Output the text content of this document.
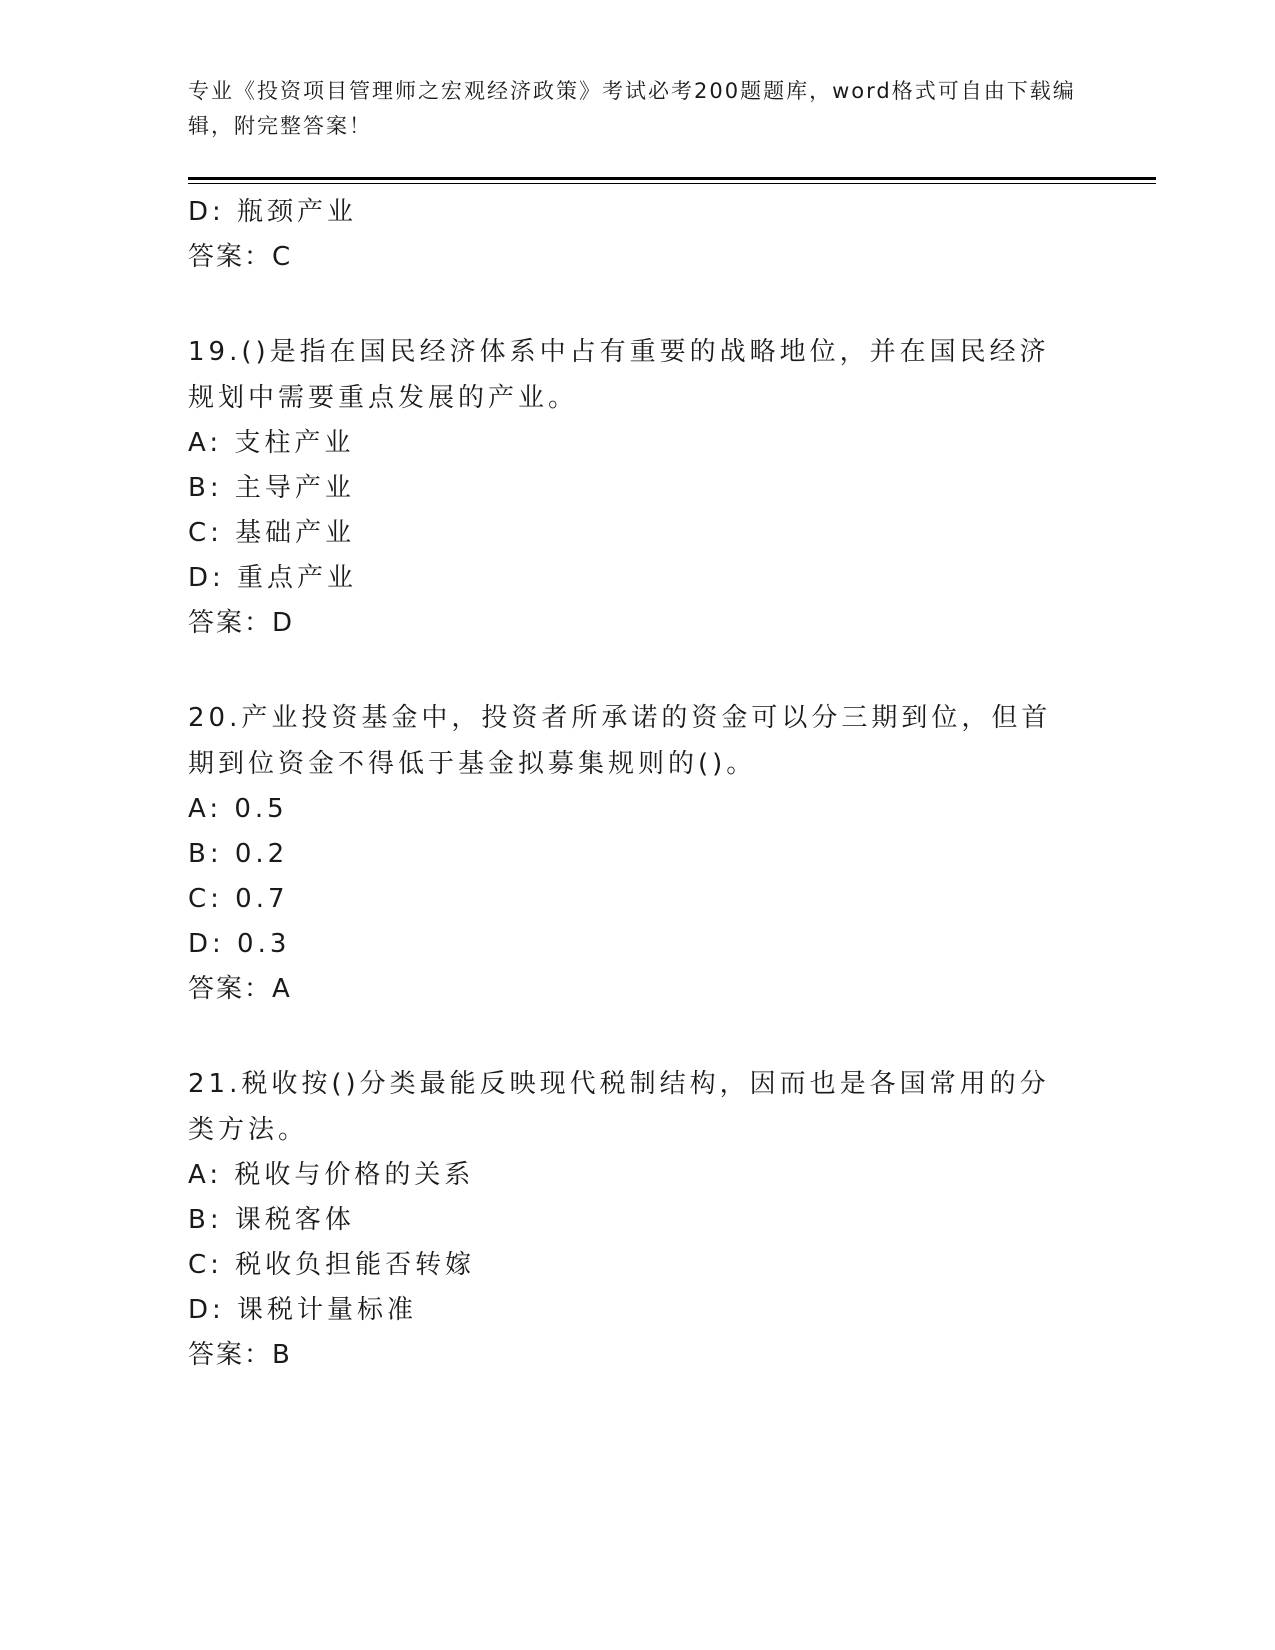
专业《投资项目管理师之宏观经济政策》考试必考200题题库，word格式可自由下载编辑，附完整答案！
D: 瓶颈产业
答案：C
19.()是指在国民经济体系中占有重要的战略地位，并在国民经济规划中需要重点发展的产业。
A: 支柱产业
B: 主导产业
C: 基础产业
D: 重点产业
答案：D
20.产业投资基金中，投资者所承诺的资金可以分三期到位，但首期到位资金不得低于基金拟募集规则的()。
A: 0.5
B: 0.2
C: 0.7
D: 0.3
答案：A
21.税收按()分类最能反映现代税制结构，因而也是各国常用的分类方法。
A: 税收与价格的关系
B: 课税客体
C: 税收负担能否转嫁
D: 课税计量标准
答案：B
